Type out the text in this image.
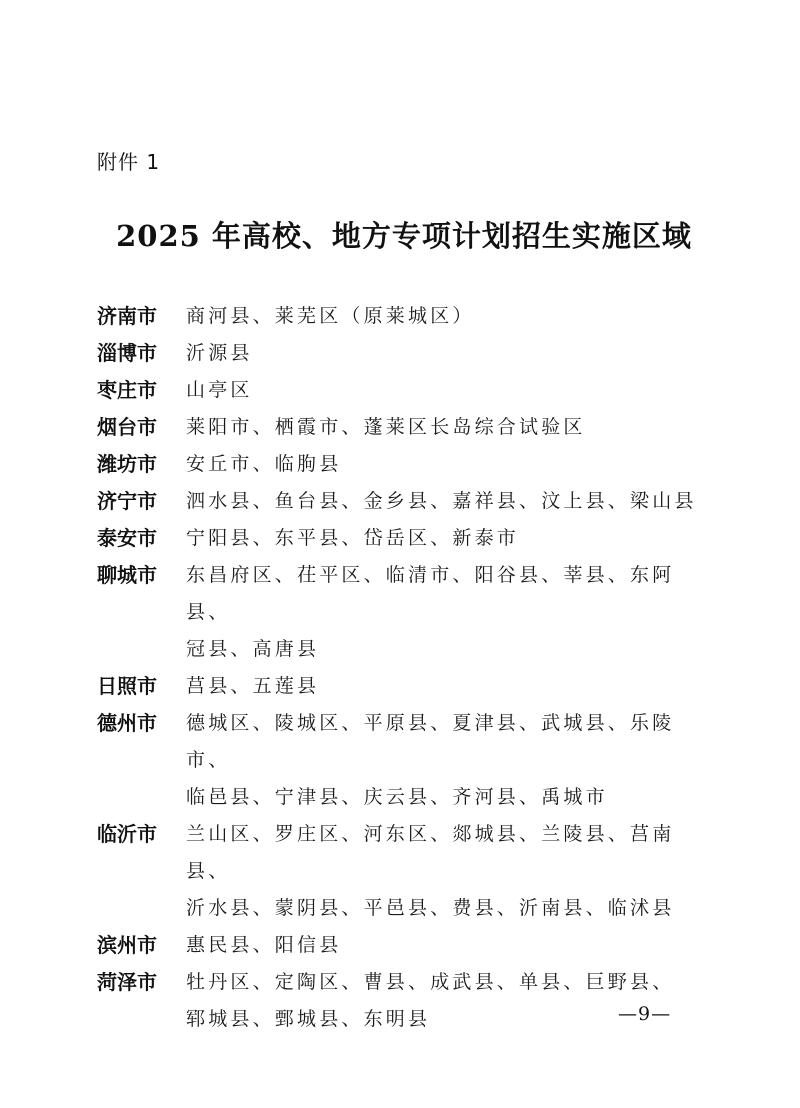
附件 1
2025 年高校、地方专项计划招生实施区域
济南市	商河县、莱芜区（原莱城区）
淄博市	沂源县
枣庄市	山亭区
烟台市	莱阳市、栖霞市、蓬莱区长岛综合试验区
潍坊市	安丘市、临朐县
济宁市	泗水县、鱼台县、金乡县、嘉祥县、汶上县、梁山县
泰安市	宁阳县、东平县、岱岳区、新泰市
聊城市	东昌府区、茌平区、临清市、阳谷县、莘县、东阿县、
冠县、高唐县
日照市	莒县、五莲县
德州市	德城区、陵城区、平原县、夏津县、武城县、乐陵市、
临邑县、宁津县、庆云县、齐河县、禹城市
临沂市	兰山区、罗庄区、河东区、郯城县、兰陵县、莒南县、
沂水县、蒙阴县、平邑县、费县、沂南县、临沭县
滨州市	惠民县、阳信县
菏泽市	牡丹区、定陶区、曹县、成武县、单县、巨野县、
郓城县、鄄城县、东明县	—9—
